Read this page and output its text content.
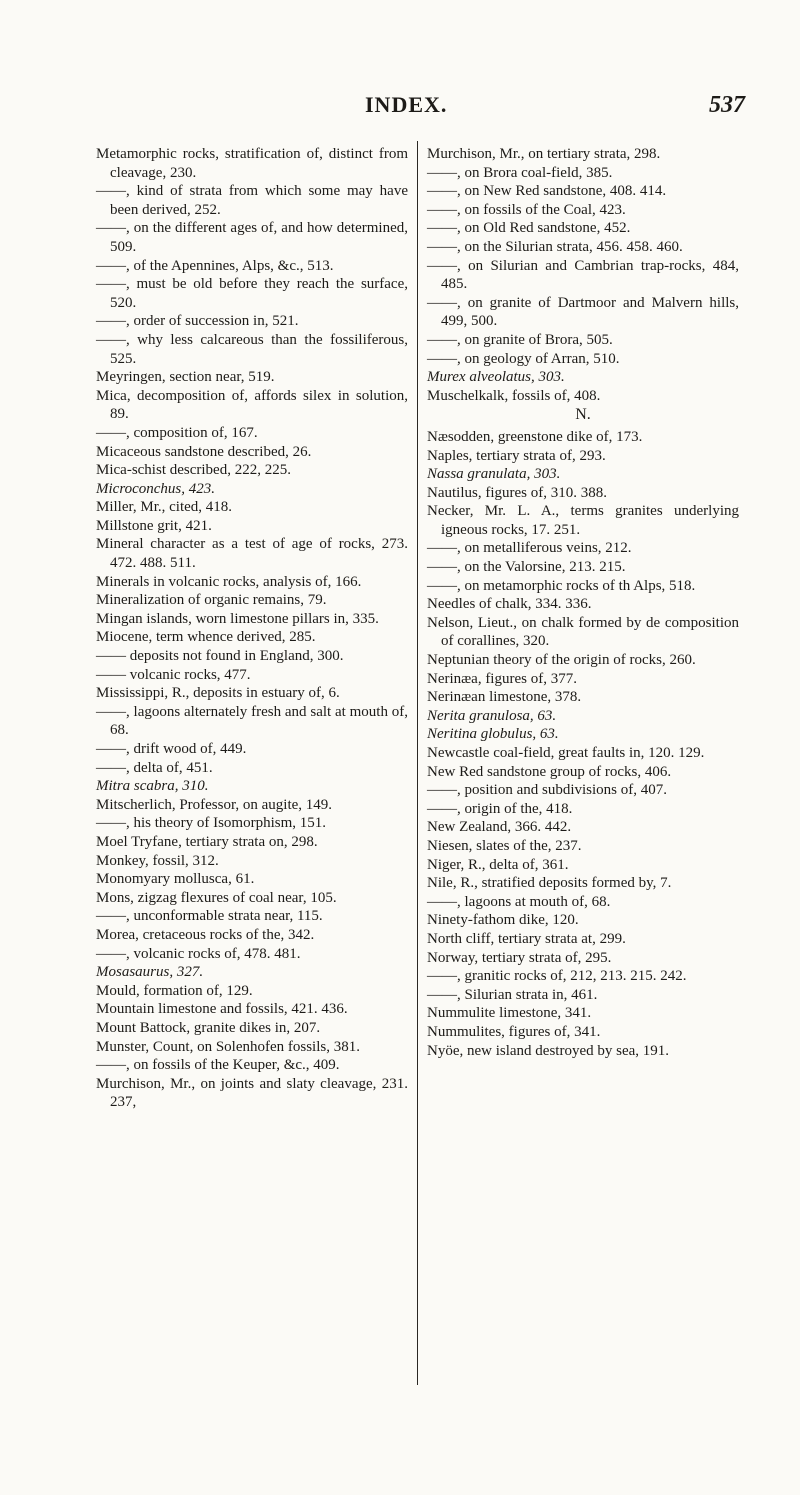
INDEX.	537
Metamorphic rocks, stratification of, distinct from cleavage, 230.
——, kind of strata from which some may have been derived, 252.
——, on the different ages of, and how determined, 509.
——, of the Apennines, Alps, &c., 513.
——, must be old before they reach the surface, 520.
——, order of succession in, 521.
——, why less calcareous than the fossiliferous, 525.
Meyringen, section near, 519.
Mica, decomposition of, affords silex in solution, 89.
——, composition of, 167.
Micaceous sandstone described, 26.
Mica-schist described, 222, 225.
Microconchus, 423.
Miller, Mr., cited, 418.
Millstone grit, 421.
Mineral character as a test of age of rocks, 273. 472. 488. 511.
Minerals in volcanic rocks, analysis of, 166.
Mineralization of organic remains, 79.
Mingan islands, worn limestone pillars in, 335.
Miocene, term whence derived, 285.
—— deposits not found in England, 300.
—— volcanic rocks, 477.
Mississippi, R., deposits in estuary of, 6.
——, lagoons alternately fresh and salt at mouth of, 68.
——, drift wood of, 449.
——, delta of, 451.
Mitra scabra, 310.
Mitscherlich, Professor, on augite, 149.
——, his theory of Isomorphism, 151.
Moel Tryfane, tertiary strata on, 298.
Monkey, fossil, 312.
Monomyary mollusca, 61.
Mons, zigzag flexures of coal near, 105.
——, unconformable strata near, 115.
Morea, cretaceous rocks of the, 342.
——, volcanic rocks of, 478. 481.
Mosasaurus, 327.
Mould, formation of, 129.
Mountain limestone and fossils, 421. 436.
Mount Battock, granite dikes in, 207.
Munster, Count, on Solenhofen fossils, 381.
——, on fossils of the Keuper, &c., 409.
Murchison, Mr., on joints and slaty cleavage, 231. 237,
Murchison, Mr., on tertiary strata, 298.
——, on Brora coal-field, 385.
——, on New Red sandstone, 408. 414.
——, on fossils of the Coal, 423.
——, on Old Red sandstone, 452.
——, on the Silurian strata, 456. 458. 460.
——, on Silurian and Cambrian trap-rocks, 484, 485.
——, on granite of Dartmoor and Malvern hills, 499, 500.
——, on granite of Brora, 505.
——, on geology of Arran, 510.
Murex alveolatus, 303.
Muschelkalk, fossils of, 408.
N.
Næsodden, greenstone dike of, 173.
Naples, tertiary strata of, 293.
Nassa granulata, 303.
Nautilus, figures of, 310. 388.
Necker, Mr. L. A., terms granites underlying igneous rocks, 17. 251.
——, on metalliferous veins, 212.
——, on the Valorsine, 213. 215.
——, on metamorphic rocks of th Alps, 518.
Needles of chalk, 334. 336.
Nelson, Lieut., on chalk formed by de composition of corallines, 320.
Neptunian theory of the origin of rocks, 260.
Nerinæa, figures of, 377.
Nerinæan limestone, 378.
Nerita granulosa, 63.
Neritina globulus, 63.
Newcastle coal-field, great faults in, 120. 129.
New Red sandstone group of rocks, 406.
——, position and subdivisions of, 407.
——, origin of the, 418.
New Zealand, 366. 442.
Niesen, slates of the, 237.
Niger, R., delta of, 361.
Nile, R., stratified deposits formed by, 7.
——, lagoons at mouth of, 68.
Ninety-fathom dike, 120.
North cliff, tertiary strata at, 299.
Norway, tertiary strata of, 295.
——, granitic rocks of, 212, 213. 215. 242.
——, Silurian strata in, 461.
Nummulite limestone, 341.
Nummulites, figures of, 341.
Nyöe, new island destroyed by sea, 191.
